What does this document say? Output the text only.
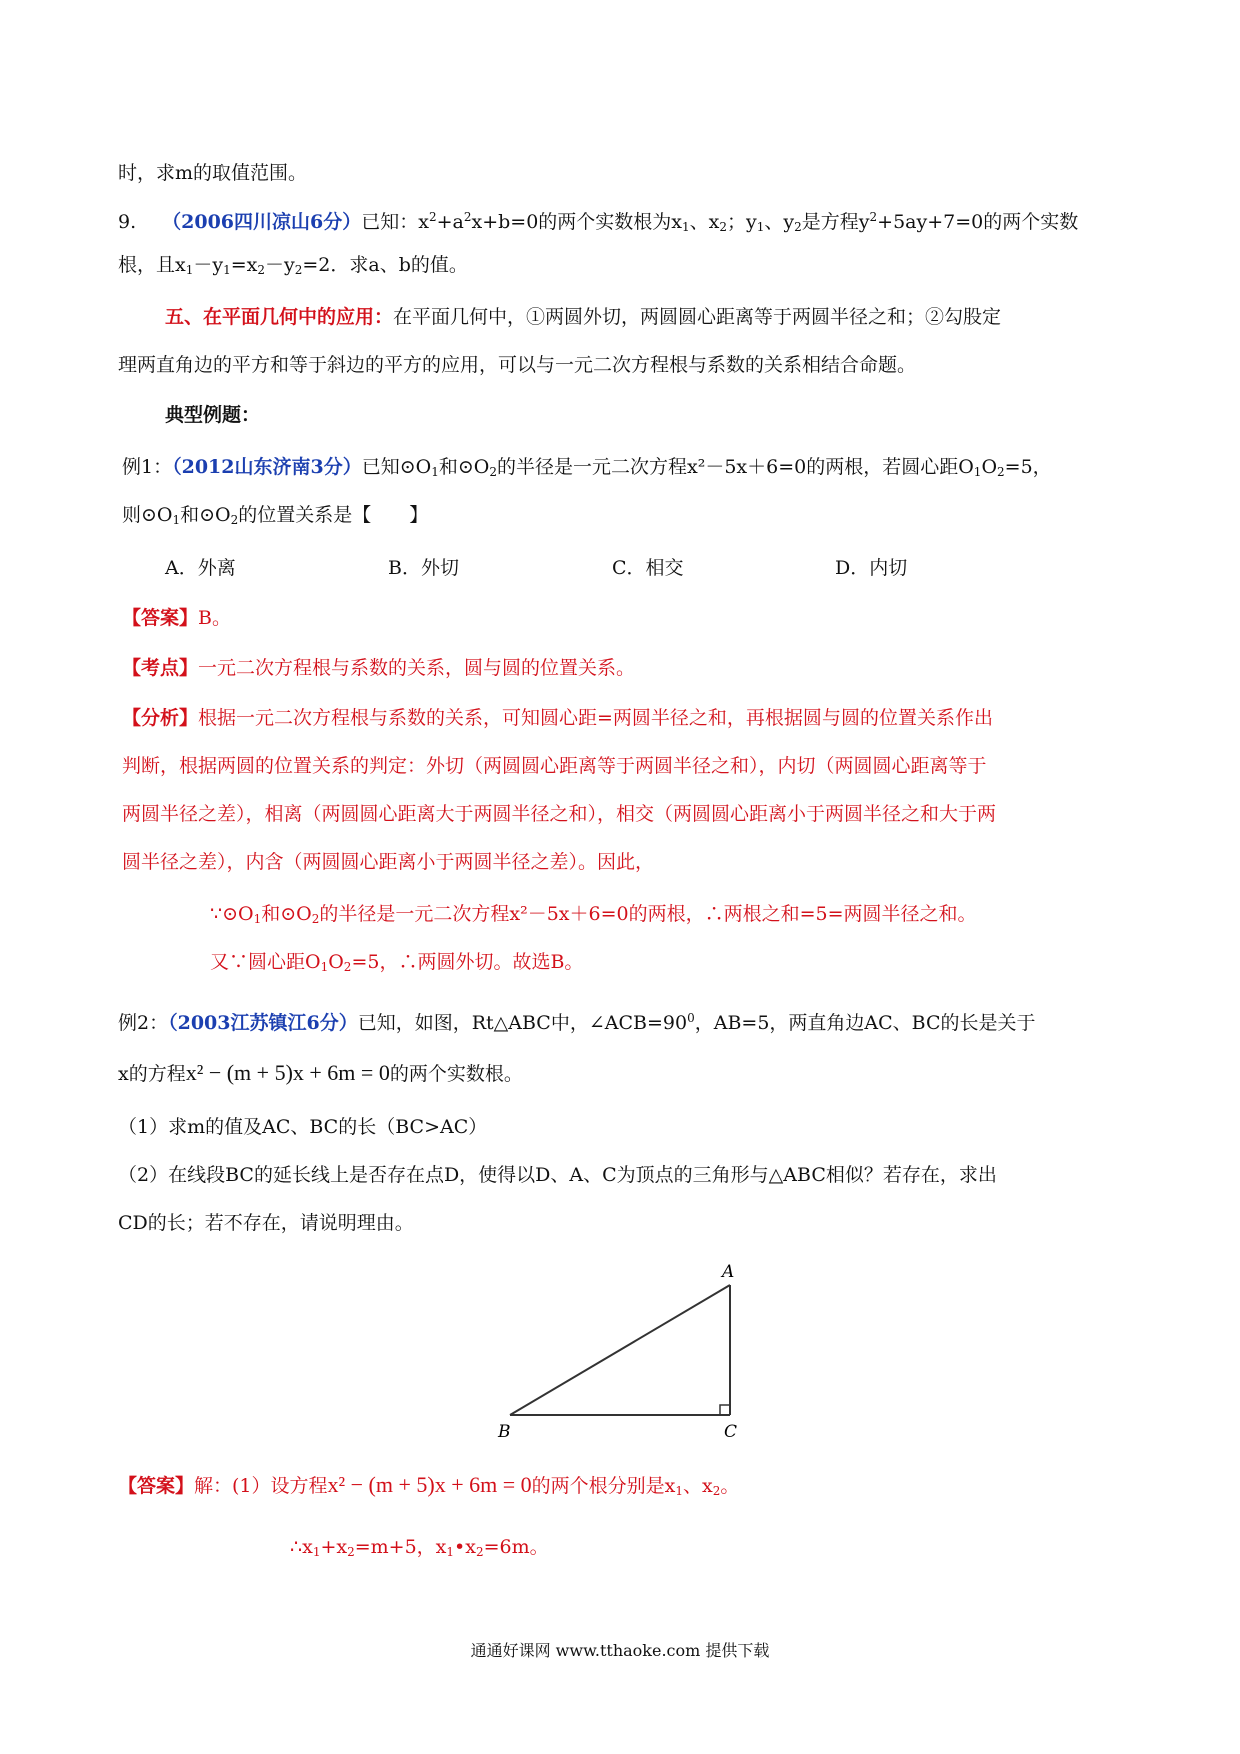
时，求m的取值范围。
9. （2006四川凉山6分）已知：$x^2+a^2x+b=0$的两个实数根为$x_1$、$x_2$；$y_1$、$y_2$是方程$y^2+5ay+7=0$的两个实数
根，且$x_1-y_1=x_2-y_2=2$．求a、b的值。
五、在平面几何中的应用：在平面几何中，①两圆外切，两圆圆心距离等于两圆半径之和；②勾股定
理两直角边的平方和等于斜边的平方的应用，可以与一元二次方程根与系数的关系相结合命题。
典型例题：
例1：（2012山东济南3分）已知$⊙O_1$和$⊙O_2$的半径是一元二次方程x²－5x＋6=0的两根，若圆心距$O_1O_2=5$，
则$⊙O_1$和$⊙O_2$的位置关系是【　　】
A．外离	B．外切	C．相交	D．内切
【答案】B。
【考点】一元二次方程根与系数的关系，圆与圆的位置关系。
【分析】根据一元二次方程根与系数的关系，可知圆心距=两圆半径之和，再根据圆与圆的位置关系作出
判断，根据两圆的位置关系的判定：外切（两圆圆心距离等于两圆半径之和），内切（两圆圆心距离等于
两圆半径之差），相离（两圆圆心距离大于两圆半径之和），相交（两圆圆心距离小于两圆半径之和大于两
圆半径之差），内含（两圆圆心距离小于两圆半径之差）。因此，
$\because⊙O_1$和$⊙O_2$的半径是一元二次方程x²－5x＋6=0的两根，∴两根之和=5=两圆半径之和。
又∵圆心距$O_1O_2=5$，∴两圆外切。故选B。
例2：（2003江苏镇江6分）已知，如图，Rt△ABC中，$\angle ACB=90^0$，AB=5，两直角边AC、BC的长是关于
x的方程x² − (m + 5)x + 6m = 0的两个实数根。
（1）求m的值及AC、BC的长（BC>AC）
（2）在线段BC的延长线上是否存在点D，使得以D、A、C为顶点的三角形与△ABC相似？若存在，求出
CD的长；若不存在，请说明理由。
A
B	C
【答案】解：(1）设方程x² − (m + 5)x + 6m = 0的两个根分别是$x_1$、$x_2$。
$\therefore x_1+x_2=m+5$，$x_1•x_2=6m$。
通通好课网 www.tthaoke.com 提供下载
